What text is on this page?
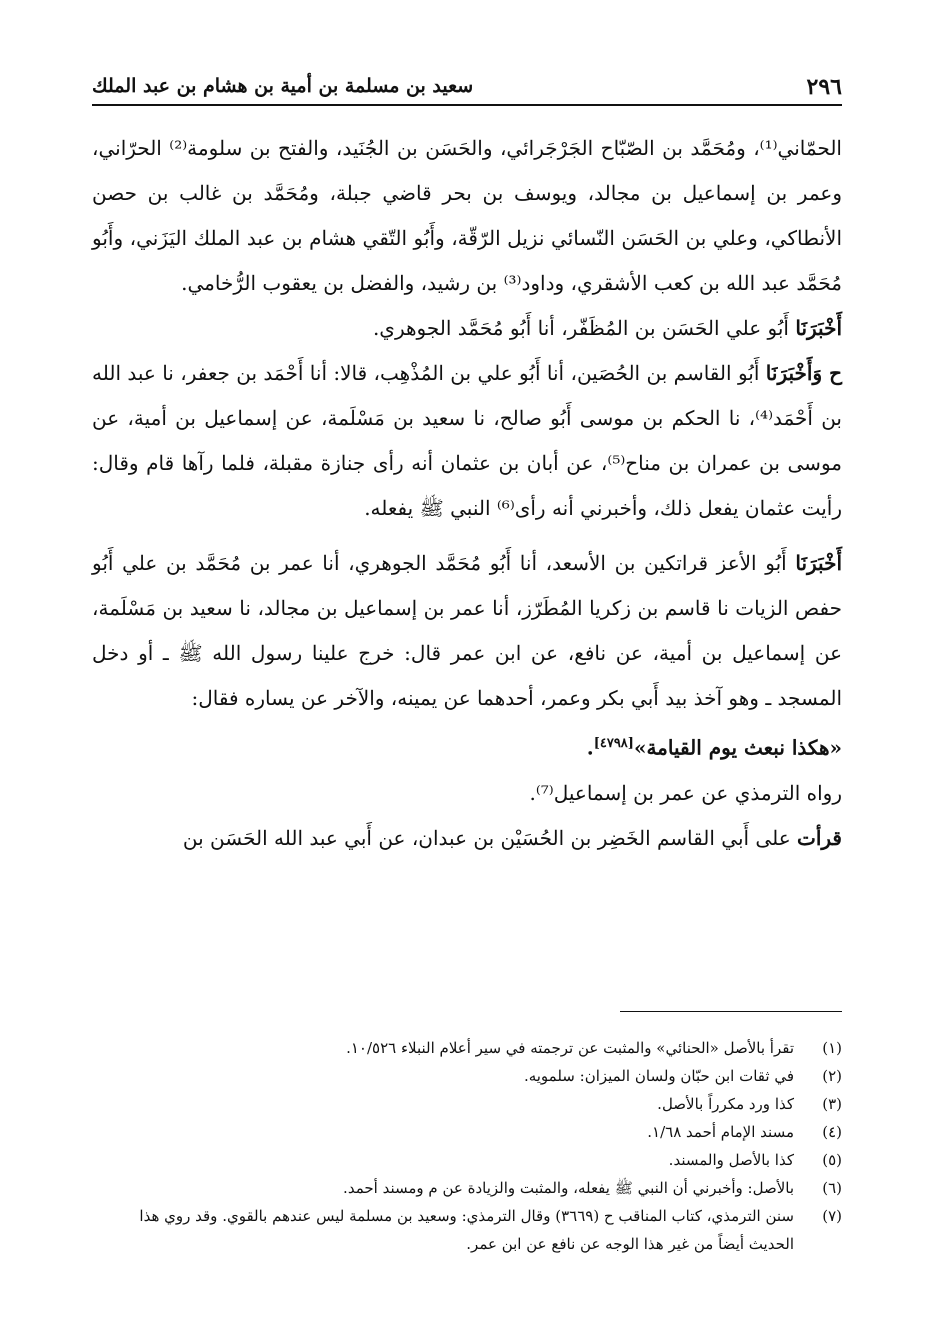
٢٩٦
سعيد بن مسلمة بن أمية بن هشام بن عبد الملك

الحمّاني⁽¹⁾، ومُحَمَّد بن الصّبّاح الجَرْجَرائي، والحَسَن بن الجُنَيد، والفتح بن سلومة⁽²⁾ الحرّاني، وعمر بن إسماعيل بن مجالد، ويوسف بن بحر قاضي جبلة، ومُحَمَّد بن غالب بن حصن الأنطاكي، وعلي بن الحَسَن النّسائي نزيل الرّقّة، وأَبُو التّقي هشام بن عبد الملك اليَزَني، وأَبُو مُحَمَّد عبد الله بن كعب الأشقري، وداود⁽³⁾ بن رشيد، والفضل بن يعقوب الرُّخامي.

أَخْبَرَنَا أَبُو علي الحَسَن بن المُظَفّر، أنا أَبُو مُحَمَّد الجوهري.

ح وَأَخْبَرَنَا أَبُو القاسم بن الحُصَين، أنا أَبُو علي بن المُذْهِب، قالا: أنا أَحْمَد بن جعفر، نا عبد الله بن أَحْمَد⁽⁴⁾، نا الحكم بن موسى أَبُو صالح، نا سعيد بن مَسْلَمة، عن إسماعيل بن أمية، عن موسى بن عمران بن مناح⁽⁵⁾، عن أبان بن عثمان أنه رأى جنازة مقبلة، فلما رآها قام وقال: رأيت عثمان يفعل ذلك، وأخبرني أنه رأى⁽⁶⁾ النبي ﷺ يفعله.

أَخْبَرَنَا أَبُو الأعز قراتكين بن الأسعد، أنا أَبُو مُحَمَّد الجوهري، أنا عمر بن مُحَمَّد بن علي أَبُو حفص الزيات نا قاسم بن زكريا المُطَرّز، أنا عمر بن إسماعيل بن مجالد، نا سعيد بن مَسْلَمة، عن إسماعيل بن أمية، عن نافع، عن ابن عمر قال: خرج علينا رسول الله ﷺ ـ أو دخل المسجد ـ وهو آخذ بيد أَبي بكر وعمر، أحدهما عن يمينه، والآخر عن يساره فقال:

«هكذا نبعث يوم القيامة»[٤٧٩٨].

رواه الترمذي عن عمر بن إسماعيل⁽⁷⁾.

قرأت على أَبي القاسم الخَضِر بن الحُسَيْن بن عبدان، عن أَبي عبد الله الحَسَن بن

(١)
تقرأ بالأصل «الحنائي» والمثبت عن ترجمته في سير أعلام النبلاء ١٠/٥٢٦.
(٢)
في ثقات ابن حبّان ولسان الميزان: سلمويه.
(٣)
كذا ورد مكرراً بالأصل.
(٤)
مسند الإمام أحمد ١/٦٨.
(٥)
كذا بالأصل والمسند.
(٦)
بالأصل: وأخبرني أن النبي ﷺ يفعله، والمثبت والزيادة عن م ومسند أحمد.
(٧)
سنن الترمذي، كتاب المناقب ح (٣٦٦٩) وقال الترمذي: وسعيد بن مسلمة ليس عندهم بالقوي. وقد روي هذا الحديث أيضاً من غير هذا الوجه عن نافع عن ابن عمر.
